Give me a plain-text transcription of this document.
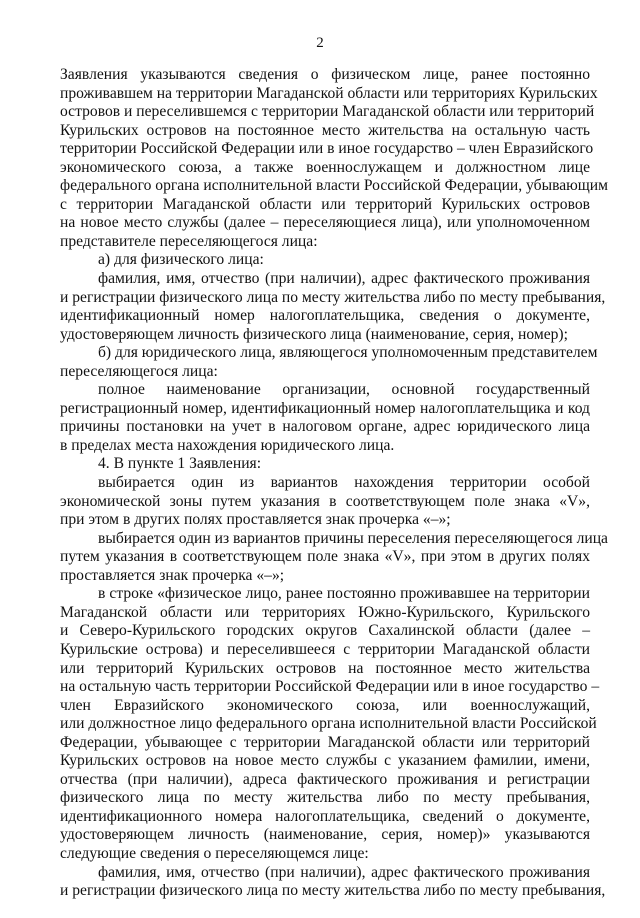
2
Заявления указываются сведения о физическом лице, ранее постоянно
проживавшем на территории Магаданской области или территориях Курильских
островов и переселившемся с территории Магаданской области или территорий
Курильских островов на постоянное место жительства на остальную часть
территории Российской Федерации или в иное государство – член Евразийского
экономического союза, а также военнослужащем и должностном лице
федерального органа исполнительной власти Российской Федерации, убывающим
с территории Магаданской области или территорий Курильских островов
на новое место службы (далее – переселяющиеся лица), или уполномоченном
представителе переселяющегося лица:
а) для физического лица:
фамилия, имя, отчество (при наличии), адрес фактического проживания
и регистрации физического лица по месту жительства либо по месту пребывания,
идентификационный номер налогоплательщика, сведения о документе,
удостоверяющем личность физического лица (наименование, серия, номер);
б) для юридического лица, являющегося уполномоченным представителем
переселяющегося лица:
полное наименование организации, основной государственный
регистрационный номер, идентификационный номер налогоплательщика и код
причины постановки на учет в налоговом органе, адрес юридического лица
в пределах места нахождения юридического лица.
4. В пункте 1 Заявления:
выбирается один из вариантов нахождения территории особой
экономической зоны путем указания в соответствующем поле знака «V»,
при этом в других полях проставляется знак прочерка «–»;
выбирается один из вариантов причины переселения переселяющегося лица
путем указания в соответствующем поле знака «V», при этом в других полях
проставляется знак прочерка «–»;
в строке «физическое лицо, ранее постоянно проживавшее на территории
Магаданской области или территориях Южно-Курильского, Курильского
и Северо-Курильского городских округов Сахалинской области (далее –
Курильские острова) и переселившееся с территории Магаданской области
или территорий Курильских островов на постоянное место жительства
на остальную часть территории Российской Федерации или в иное государство –
член Евразийского экономического союза, или военнослужащий,
или должностное лицо федерального органа исполнительной власти Российской
Федерации, убывающее с территории Магаданской области или территорий
Курильских островов на новое место службы с указанием фамилии, имени,
отчества (при наличии), адреса фактического проживания и регистрации
физического лица по месту жительства либо по месту пребывания,
идентификационного номера налогоплательщика, сведений о документе,
удостоверяющем личность (наименование, серия, номер)» указываются
следующие сведения о переселяющемся лице:
фамилия, имя, отчество (при наличии), адрес фактического проживания
и регистрации физического лица по месту жительства либо по месту пребывания,
